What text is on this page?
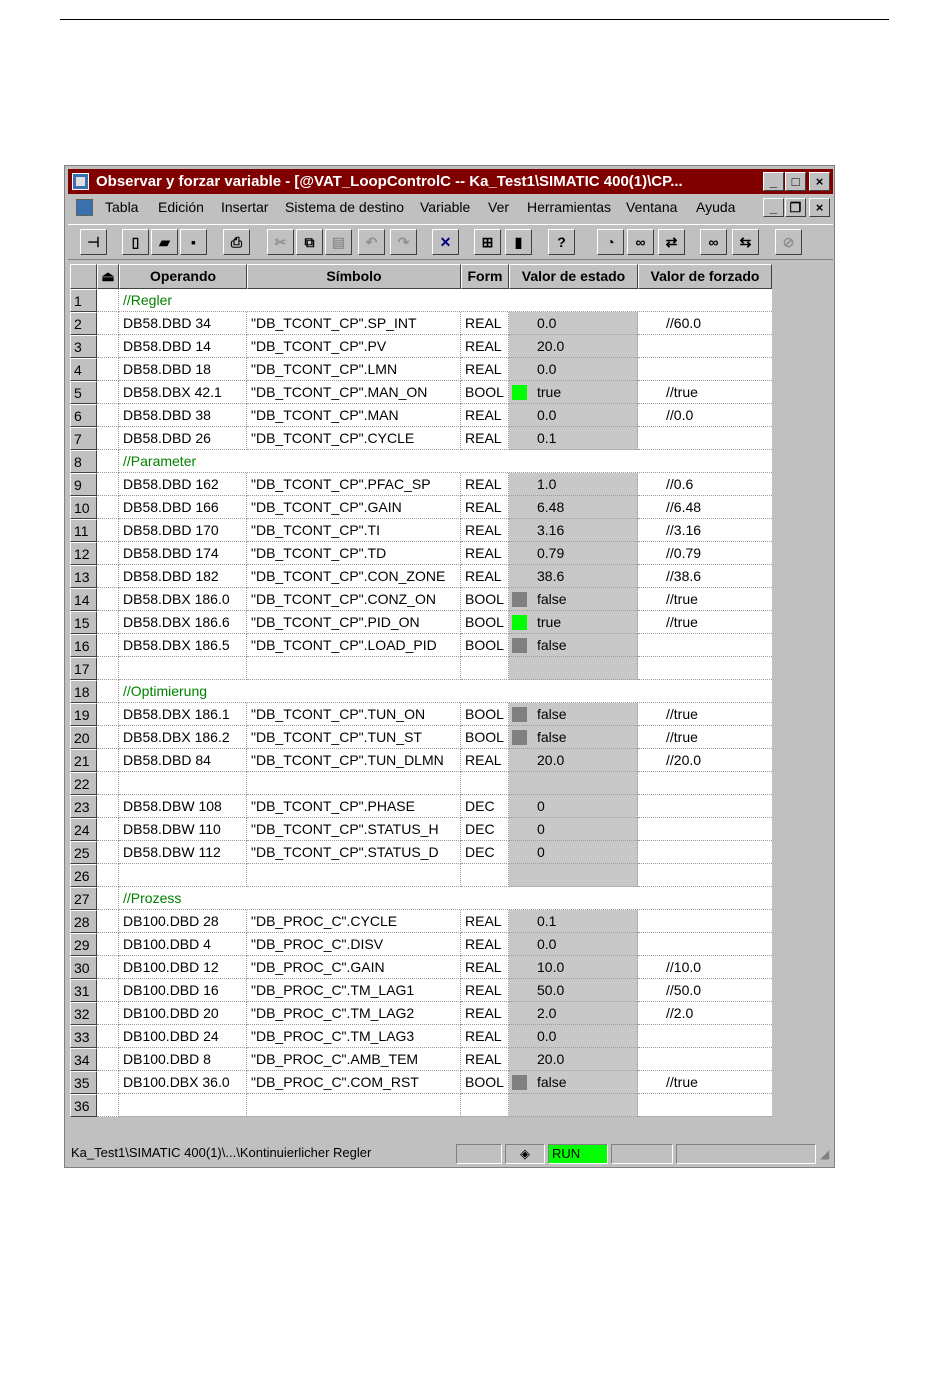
Observar y forzar variable - [@VAT_LoopControlC -- Ka_Test1\SIMATIC 400(1)\CP...	_	□	×
Tabla Edición Insertar Sistema de destino Variable Ver Herramientas Ventana Ayuda	_ ❐	×
⊣	▯	▰	▪	⎙	✂	⧉	▤	↶	↷	✕	⊞	▮	?	◔	∞	⇄	∞	⇆	⊘
⏏	Operando	Símbolo	Form	Valor de estado	Valor de forzado
1	//Regler
2	DB58.DBD 34	"DB_TCONT_CP".SP_INT	REAL	0.0	//60.0
3	DB58.DBD 14	"DB_TCONT_CP".PV	REAL	20.0
4	DB58.DBD 18	"DB_TCONT_CP".LMN	REAL	0.0
5	DB58.DBX 42.1	"DB_TCONT_CP".MAN_ON	BOOL	true	//true
6	DB58.DBD 38	"DB_TCONT_CP".MAN	REAL	0.0	//0.0
7	DB58.DBD 26	"DB_TCONT_CP".CYCLE	REAL	0.1
8	//Parameter
9	DB58.DBD 162	"DB_TCONT_CP".PFAC_SP	REAL	1.0	//0.6
10	DB58.DBD 166	"DB_TCONT_CP".GAIN	REAL	6.48	//6.48
11	DB58.DBD 170	"DB_TCONT_CP".TI	REAL	3.16	//3.16
12	DB58.DBD 174	"DB_TCONT_CP".TD	REAL	0.79	//0.79
13	DB58.DBD 182	"DB_TCONT_CP".CON_ZONE	REAL	38.6	//38.6
14	DB58.DBX 186.0	"DB_TCONT_CP".CONZ_ON	BOOL	false	//true
15	DB58.DBX 186.6	"DB_TCONT_CP".PID_ON	BOOL	true	//true
16	DB58.DBX 186.5	"DB_TCONT_CP".LOAD_PID	BOOL	false
17
18	//Optimierung
19	DB58.DBX 186.1	"DB_TCONT_CP".TUN_ON	BOOL	false	//true
20	DB58.DBX 186.2	"DB_TCONT_CP".TUN_ST	BOOL	false	//true
21	DB58.DBD 84	"DB_TCONT_CP".TUN_DLMN	REAL	20.0	//20.0
22
23	DB58.DBW 108	"DB_TCONT_CP".PHASE	DEC	0
24	DB58.DBW 110	"DB_TCONT_CP".STATUS_H	DEC	0
25	DB58.DBW 112	"DB_TCONT_CP".STATUS_D	DEC	0
26
27	//Prozess
28	DB100.DBD 28	"DB_PROC_C".CYCLE	REAL	0.1
29	DB100.DBD 4	"DB_PROC_C".DISV	REAL	0.0
30	DB100.DBD 12	"DB_PROC_C".GAIN	REAL	10.0	//10.0
31	DB100.DBD 16	"DB_PROC_C".TM_LAG1	REAL	50.0	//50.0
32	DB100.DBD 20	"DB_PROC_C".TM_LAG2	REAL	2.0	//2.0
33	DB100.DBD 24	"DB_PROC_C".TM_LAG3	REAL	0.0
34	DB100.DBD 8	"DB_PROC_C".AMB_TEM	REAL	20.0
35	DB100.DBX 36.0	"DB_PROC_C".COM_RST	BOOL	false	//true
36
Ka_Test1\SIMATIC 400(1)\...\Kontinuierlicher Regler	◈	RUN	◢
